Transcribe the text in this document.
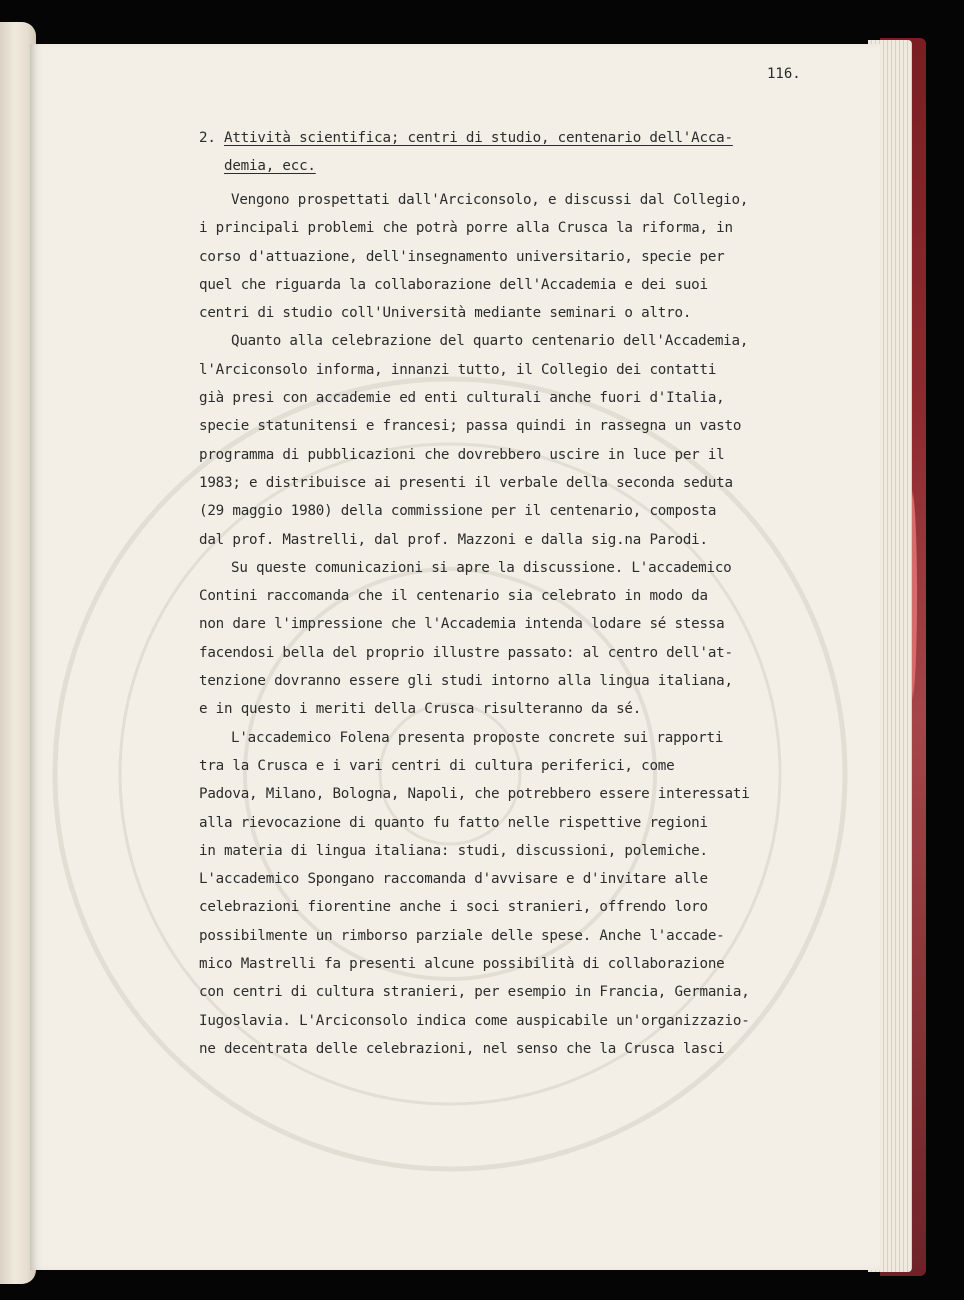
116.
2. Attività scientifica; centri di studio, centenario dell'Acca-
demia, ecc.
Vengono prospettati dall'Arciconsolo, e discussi dal Collegio,
i principali problemi che potrà porre alla Crusca la riforma, in
corso d'attuazione, dell'insegnamento universitario, specie per
quel che riguarda la collaborazione dell'Accademia e dei suoi
centri di studio coll'Università mediante seminari o altro.
Quanto alla celebrazione del quarto centenario dell'Accademia,
l'Arciconsolo informa, innanzi tutto, il Collegio dei contatti
già presi con accademie ed enti culturali anche fuori d'Italia,
specie statunitensi e francesi; passa quindi in rassegna un vasto
programma di pubblicazioni che dovrebbero uscire in luce per il
1983; e distribuisce ai presenti il verbale della seconda seduta
(29 maggio 1980) della commissione per il centenario, composta
dal prof. Mastrelli, dal prof. Mazzoni e dalla sig.na Parodi.
Su queste comunicazioni si apre la discussione. L'accademico
Contini raccomanda che il centenario sia celebrato in modo da
non dare l'impressione che l'Accademia intenda lodare sé stessa
facendosi bella del proprio illustre passato: al centro dell'at-
tenzione dovranno essere gli studi intorno alla lingua italiana,
e in questo i meriti della Crusca risulteranno da sé.
L'accademico Folena presenta proposte concrete sui rapporti
tra la Crusca e i vari centri di cultura periferici, come
Padova, Milano, Bologna, Napoli, che potrebbero essere interessati
alla rievocazione di quanto fu fatto nelle rispettive regioni
in materia di lingua italiana: studi, discussioni, polemiche.
L'accademico Spongano raccomanda d'avvisare e d'invitare alle
celebrazioni fiorentine anche i soci stranieri, offrendo loro
possibilmente un rimborso parziale delle spese. Anche l'accade-
mico Mastrelli fa presenti alcune possibilità di collaborazione
con centri di cultura stranieri, per esempio in Francia, Germania,
Iugoslavia. L'Arciconsolo indica come auspicabile un'organizzazio-
ne decentrata delle celebrazioni, nel senso che la Crusca lasci
